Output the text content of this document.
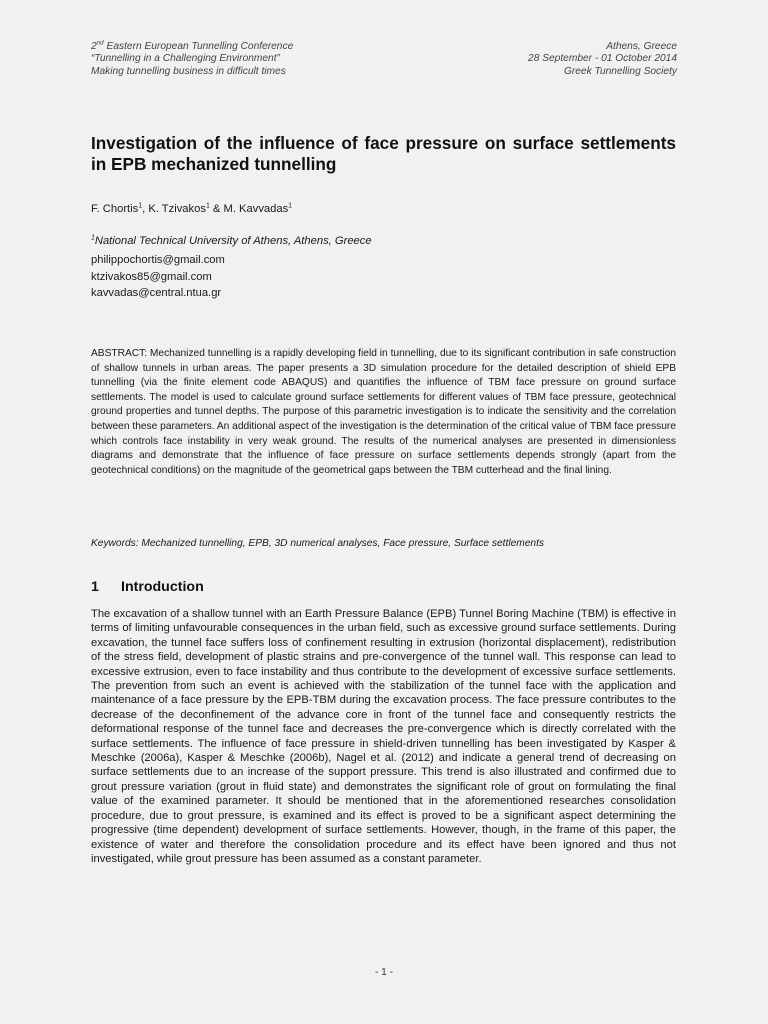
2nd Eastern European Tunnelling Conference
“Tunnelling in a Challenging Environment”
Making tunnelling business in difficult times
Athens, Greece
28 September - 01 October 2014
Greek Tunnelling Society
Investigation of the influence of face pressure on surface settlements in EPB mechanized tunnelling
F. Chortis$^1$, K. Tzivakos$^1$ & M. Kavvadas$^1$
$^1$National Technical University of Athens, Athens, Greece
philippochortis@gmail.com
ktzivakos85@gmail.com
kavvadas@central.ntua.gr
ABSTRACT: Mechanized tunnelling is a rapidly developing field in tunnelling, due to its significant contribution in safe construction of shallow tunnels in urban areas. The paper presents a 3D simulation procedure for the detailed description of shield EPB tunnelling (via the finite element code ABAQUS) and quantifies the influence of TBM face pressure on ground surface settlements. The model is used to calculate ground surface settlements for different values of TBM face pressure, geotechnical ground properties and tunnel depths. The purpose of this parametric investigation is to indicate the sensitivity and the correlation between these parameters. An additional aspect of the investigation is the determination of the critical value of TBM face pressure which controls face instability in very weak ground. The results of the numerical analyses are presented in dimensionless diagrams and demonstrate that the influence of face pressure on surface settlements depends strongly (apart from the geotechnical conditions) on the magnitude of the geometrical gaps between the TBM cutterhead and the final lining.
Keywords: Mechanized tunnelling, EPB, 3D numerical analyses, Face pressure, Surface settlements
1 Introduction
The excavation of a shallow tunnel with an Earth Pressure Balance (EPB) Tunnel Boring Machine (TBM) is effective in terms of limiting unfavourable consequences in the urban field, such as excessive ground surface settlements. During excavation, the tunnel face suffers loss of confinement resulting in extrusion (horizontal displacement), redistribution of the stress field, development of plastic strains and pre-convergence of the tunnel wall. This response can lead to excessive extrusion, even to face instability and thus contribute to the development of excessive surface settlements. The prevention from such an event is achieved with the stabilization of the tunnel face with the application and maintenance of a face pressure by the EPB-TBM during the excavation process. The face pressure contributes to the decrease of the deconfinement of the advance core in front of the tunnel face and consequently restricts the deformational response of the tunnel face and decreases the pre-convergence which is directly correlated with the surface settlements. The influence of face pressure in shield-driven tunnelling has been investigated by Kasper & Meschke (2006a), Kasper & Meschke (2006b), Nagel et al. (2012) and indicate a general trend of decreasing on surface settlements due to an increase of the support pressure. This trend is also illustrated and confirmed due to grout pressure variation (grout in fluid state) and demonstrates the significant role of grout on formulating the final value of the examined parameter. It should be mentioned that in the aforementioned researches consolidation procedure, due to grout pressure, is examined and its effect is proved to be a significant aspect determining the progressive (time dependent) development of surface settlements. However, though, in the frame of this paper, the existence of water and therefore the consolidation procedure and its effect have been ignored and thus not investigated, while grout pressure has been assumed as a constant parameter.
- 1 -
